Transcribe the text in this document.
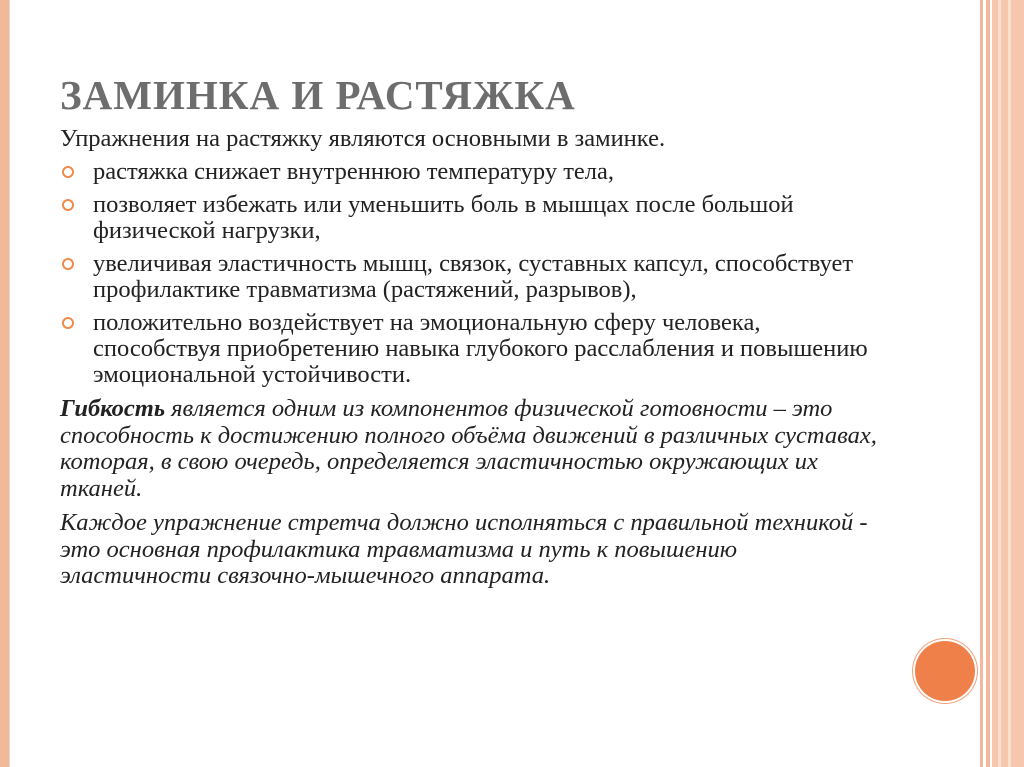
ЗАМИНКА И РАСТЯЖКА

Упражнения на растяжку являются основными в заминке.

растяжка снижает внутреннюю температуру тела,
позволяет избежать или уменьшить боль в мышцах после большой физической нагрузки,
увеличивая эластичность мышц, связок, суставных капсул, способствует профилактике травматизма (растяжений, разрывов),
положительно воздействует на эмоциональную сферу человека, способствуя приобретению навыка глубокого расслабления и повышению эмоциональной устойчивости.

Гибкость является одним из компонентов физической готовности – это способность к достижению полного объёма движений в различных суставах, которая, в свою очередь, определяется эластичностью окружающих их тканей.

Каждое упражнение стретча должно исполняться с правильной техникой - это основная профилактика травматизма и путь к повышению эластичности связочно-мышечного аппарата.
